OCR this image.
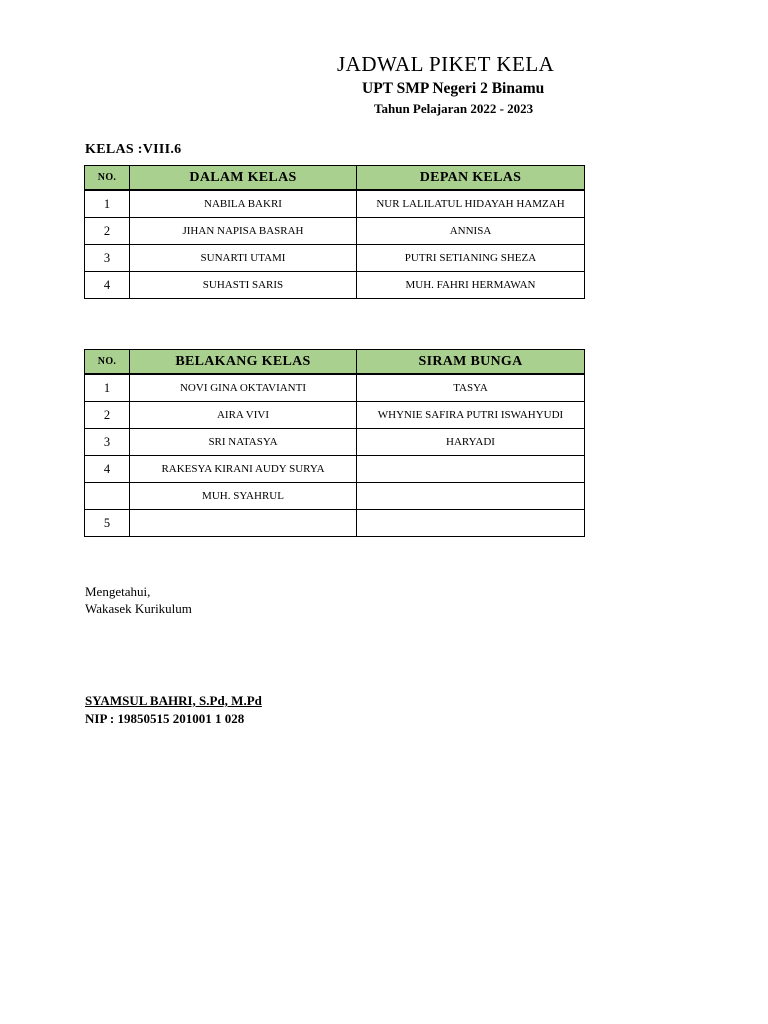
JADWAL PIKET KELA
UPT SMP Negeri 2 Binamu
Tahun Pelajaran 2022 - 2023
KELAS :VIII.6
NO.	DALAM KELAS	DEPAN KELAS
1	NABILA BAKRI	NUR LALILATUL HIDAYAH HAMZAH
2	JIHAN NAPISA BASRAH	ANNISA
3	SUNARTI UTAMI	PUTRI SETIANING SHEZA
4	SUHASTI SARIS	MUH. FAHRI HERMAWAN
NO.	BELAKANG KELAS	SIRAM BUNGA
1	NOVI GINA OKTAVIANTI	TASYA
2	AIRA VIVI	WHYNIE SAFIRA PUTRI ISWAHYUDI
3	SRI NATASYA	HARYADI
4	RAKESYA KIRANI AUDY SURYA	
	MUH. SYAHRUL	
5		
Mengetahui,
Wakasek Kurikulum
SYAMSUL BAHRI, S.Pd, M.Pd
NIP : 19850515 201001 1 028
